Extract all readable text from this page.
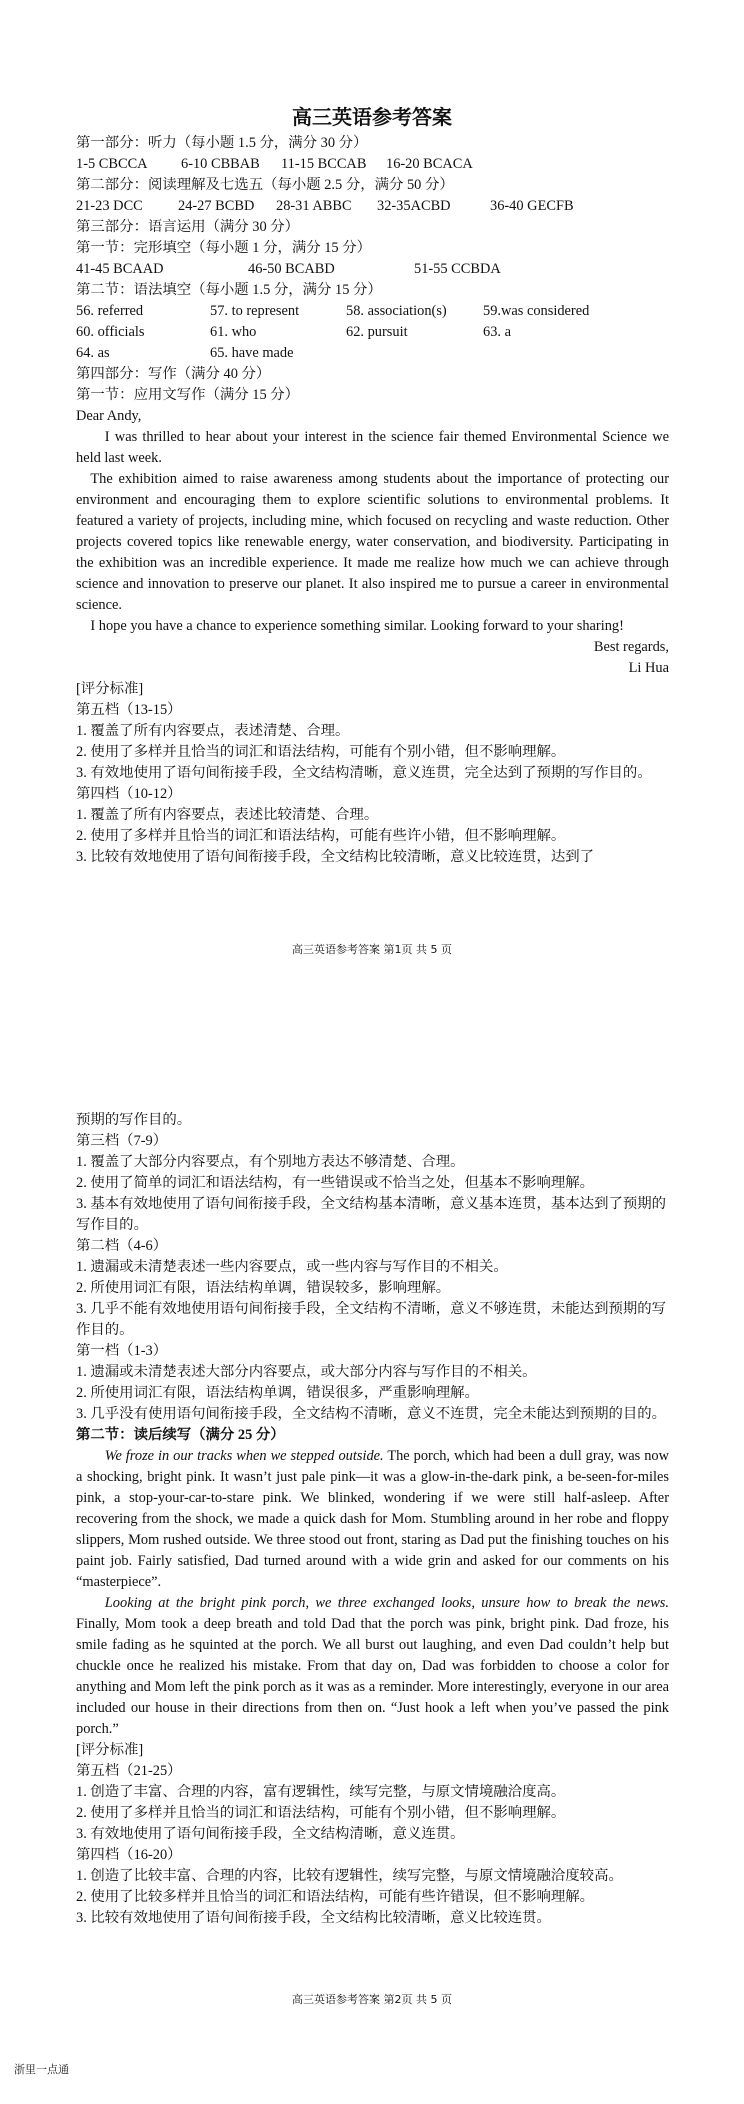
高三英语参考答案

第一部分：听力（每小题 1.5 分，满分 30 分）

1-5 CBCCA	6-10 CBBAB	11-15 BCCAB	16-20 BCACA

第二部分：阅读理解及七选五（每小题 2.5 分，满分 50 分）

21-23 DCC	24-27 BCBD	28-31 ABBC	32-35ACBD	36-40 GECFB

第三部分：语言运用（满分 30 分）

第一节：完形填空（每小题 1 分，满分 15 分）

41-45 BCAAD	46-50 BCABD	51-55 CCBDA

第二节：语法填空（每小题 1.5 分，满分 15 分）

56. referred	57. to represent	58. association(s)	59.was considered
60. officials	61. who	62. pursuit	63. a
64. as	65. have made

第四部分：写作（满分 40 分）

第一节：应用文写作（满分 15 分）

Dear Andy,

I was thrilled to hear about your interest in the science fair themed Environmental Science we held last week.

The exhibition aimed to raise awareness among students about the importance of protecting our environment and encouraging them to explore scientific solutions to environmental problems. It featured a variety of projects, including mine, which focused on recycling and waste reduction. Other projects covered topics like renewable energy, water conservation, and biodiversity. Participating in the exhibition was an incredible experience. It made me realize how much we can achieve through science and innovation to preserve our planet. It also inspired me to pursue a career in environmental science.

I hope you have a chance to experience something similar. Looking forward to your sharing!

Best regards,

Li Hua

[评分标准]

第五档（13-15）

1. 覆盖了所有内容要点，表述清楚、合理。

2. 使用了多样并且恰当的词汇和语法结构，可能有个别小错，但不影响理解。

3. 有效地使用了语句间衔接手段，全文结构清晰，意义连贯，完全达到了预期的写作目的。

第四档（10-12）

1. 覆盖了所有内容要点，表述比较清楚、合理。

2. 使用了多样并且恰当的词汇和语法结构，可能有些许小错，但不影响理解。

3. 比较有效地使用了语句间衔接手段，全文结构比较清晰，意义比较连贯，达到了

高三英语参考答案 第1页 共 5 页

预期的写作目的。

第三档（7-9）

1. 覆盖了大部分内容要点，有个别地方表达不够清楚、合理。

2. 使用了简单的词汇和语法结构，有一些错误或不恰当之处，但基本不影响理解。

3. 基本有效地使用了语句间衔接手段，全文结构基本清晰，意义基本连贯，基本达到了预期的写作目的。

第二档（4-6）

1. 遗漏或未清楚表述一些内容要点，或一些内容与写作目的不相关。

2. 所使用词汇有限，语法结构单调，错误较多，影响理解。

3. 几乎不能有效地使用语句间衔接手段，全文结构不清晰，意义不够连贯，未能达到预期的写作目的。

第一档（1-3）

1. 遗漏或未清楚表述大部分内容要点，或大部分内容与写作目的不相关。

2. 所使用词汇有限，语法结构单调，错误很多，严重影响理解。

3. 几乎没有使用语句间衔接手段，全文结构不清晰，意义不连贯，完全未能达到预期的目的。

第二节：读后续写（满分 25 分）

We froze in our tracks when we stepped outside. The porch, which had been a dull gray, was now a shocking, bright pink. It wasn’t just pale pink—it was a glow-in-the-dark pink, a be-seen-for-miles pink, a stop-your-car-to-stare pink. We blinked, wondering if we were still half-asleep. After recovering from the shock, we made a quick dash for Mom. Stumbling around in her robe and floppy slippers, Mom rushed outside. We three stood out front, staring as Dad put the finishing touches on his paint job. Fairly satisfied, Dad turned around with a wide grin and asked for our comments on his “masterpiece”.

Looking at the bright pink porch, we three exchanged looks, unsure how to break the news. Finally, Mom took a deep breath and told Dad that the porch was pink, bright pink. Dad froze, his smile fading as he squinted at the porch. We all burst out laughing, and even Dad couldn’t help but chuckle once he realized his mistake. From that day on, Dad was forbidden to choose a color for anything and Mom left the pink porch as it was as a reminder. More interestingly, everyone in our area included our house in their directions from then on. “Just hook a left when you’ve passed the pink porch.”

[评分标准]

第五档（21-25）

1. 创造了丰富、合理的内容，富有逻辑性，续写完整，与原文情境融洽度高。

2. 使用了多样并且恰当的词汇和语法结构，可能有个别小错，但不影响理解。

3. 有效地使用了语句间衔接手段，全文结构清晰，意义连贯。

第四档（16-20）

1. 创造了比较丰富、合理的内容，比较有逻辑性，续写完整，与原文情境融洽度较高。

2. 使用了比较多样并且恰当的词汇和语法结构，可能有些许错误，但不影响理解。

3. 比较有效地使用了语句间衔接手段，全文结构比较清晰，意义比较连贯。

高三英语参考答案 第2页 共 5 页
浙里一点通
